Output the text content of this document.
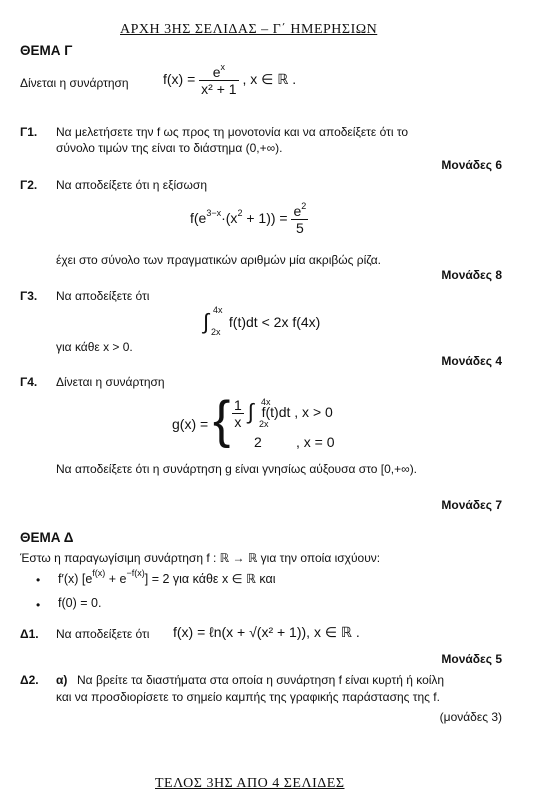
ΑΡΧΗ 3ΗΣ ΣΕΛΙΔΑΣ – Γ΄ ΗΜΕΡΗΣΙΩΝ
ΘΕΜΑ Γ
Δίνεται η συνάρτηση $f(x) = \frac{e^x}{\text{x² + 1}}$ , x ∈ ℝ .
Γ1. Να μελετήσετε την f ως προς τη μονοτονία και να αποδείξετε ότι το
σύνολο τιμών της είναι το διάστημα (0,+∞).
Μονάδες 6
Γ2. Να αποδείξετε ότι η εξίσωση
$f(e^{3-x}\cdot(x^2 + 1)) = \frac{e^2}{5}$
έχει στο σύνολο των πραγματικών αριθμών μία ακριβώς ρίζα.
Μονάδες 8
Γ3. Να αποδείξετε ότι
∫ 4x
2x
f(t)dt < 2x f(4x)
για κάθε x > 0.
Μονάδες 4
Γ4. Δίνεται η συνάρτηση
g(x) = { $\frac{1}{x}$ ∫ 4x
2x
f(t)dt , x > 0
2 , x = 0
Να αποδείξετε ότι η συνάρτηση g είναι γνησίως αύξουσα στο [0,+∞).
Μονάδες 7
ΘΕΜΑ Δ
Έστω η παραγωγίσιμη συνάρτηση f : ℝ → ℝ για την οποία ισχύουν:
• f′(x) $[e^{f(x)} + e^{-f(x)}] = 2$ για κάθε x ∈ ℝ και
• f(0) = 0.
Δ1. Να αποδείξετε ότι f(x) = ℓn(x + √(x² + 1)), x ∈ ℝ .
Μονάδες 5
Δ2. α) Να βρείτε τα διαστήματα στα οποία η συνάρτηση f είναι κυρτή ή κοίλη
και να προσδιορίσετε το σημείο καμπής της γραφικής παράστασης της f.
(μονάδες 3)
ΤΕΛΟΣ 3ΗΣ ΑΠΟ 4 ΣΕΛΙΔΕΣ
